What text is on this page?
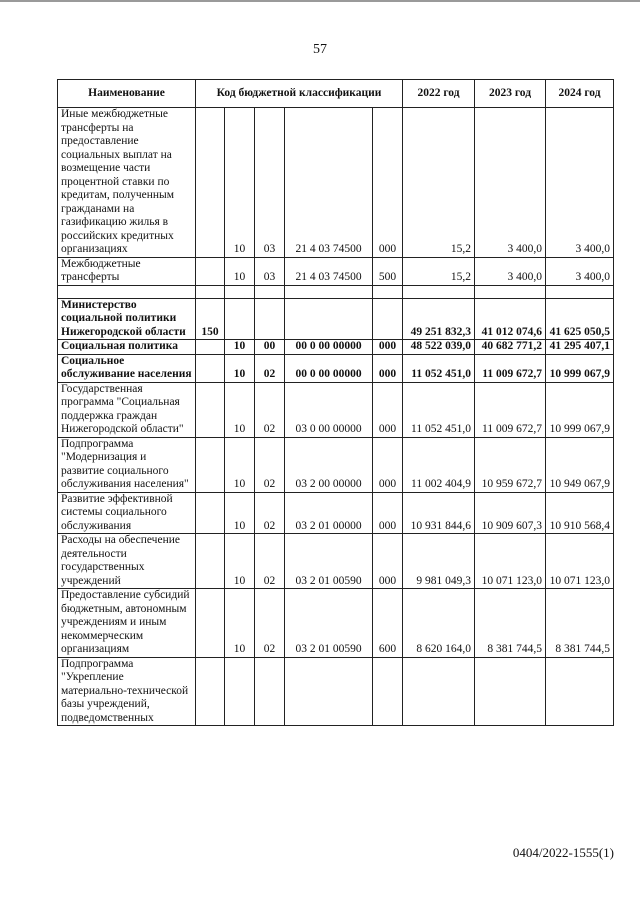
57
Наименование	Код бюджетной классификации					2022 год	2023 год	2024 год
Иные межбюджетные трансферты на предоставление социальных выплат на возмещение части процентной ставки по кредитам, полученным гражданами на газификацию жилья в российских кредитных организациях		10	03	21 4 03 74500	000	15,2	3 400,0	3 400,0
Межбюджетные трансферты		10	03	21 4 03 74500	500	15,2	3 400,0	3 400,0

Министерство социальной политики Нижегородской области	150					49 251 832,3	41 012 074,6	41 625 050,5
Социальная политика		10	00	00 0 00 00000	000	48 522 039,0	40 682 771,2	41 295 407,1
Социальное обслуживание населения		10	02	00 0 00 00000	000	11 052 451,0	11 009 672,7	10 999 067,9
Государственная программа "Социальная поддержка граждан Нижегородской области"		10	02	03 0 00 00000	000	11 052 451,0	11 009 672,7	10 999 067,9
Подпрограмма "Модернизация и развитие социального обслуживания населения"		10	02	03 2 00 00000	000	11 002 404,9	10 959 672,7	10 949 067,9
Развитие эффективной системы социального обслуживания		10	02	03 2 01 00000	000	10 931 844,6	10 909 607,3	10 910 568,4
Расходы на обеспечение деятельности государственных учреждений		10	02	03 2 01 00590	000	9 981 049,3	10 071 123,0	10 071 123,0
Предоставление субсидий бюджетным, автономным учреждениям и иным некоммерческим организациям		10	02	03 2 01 00590	600	8 620 164,0	8 381 744,5	8 381 744,5
Подпрограмма "Укрепление материально-технической базы учреждений, подведомственных								
0404/2022-1555(1)
